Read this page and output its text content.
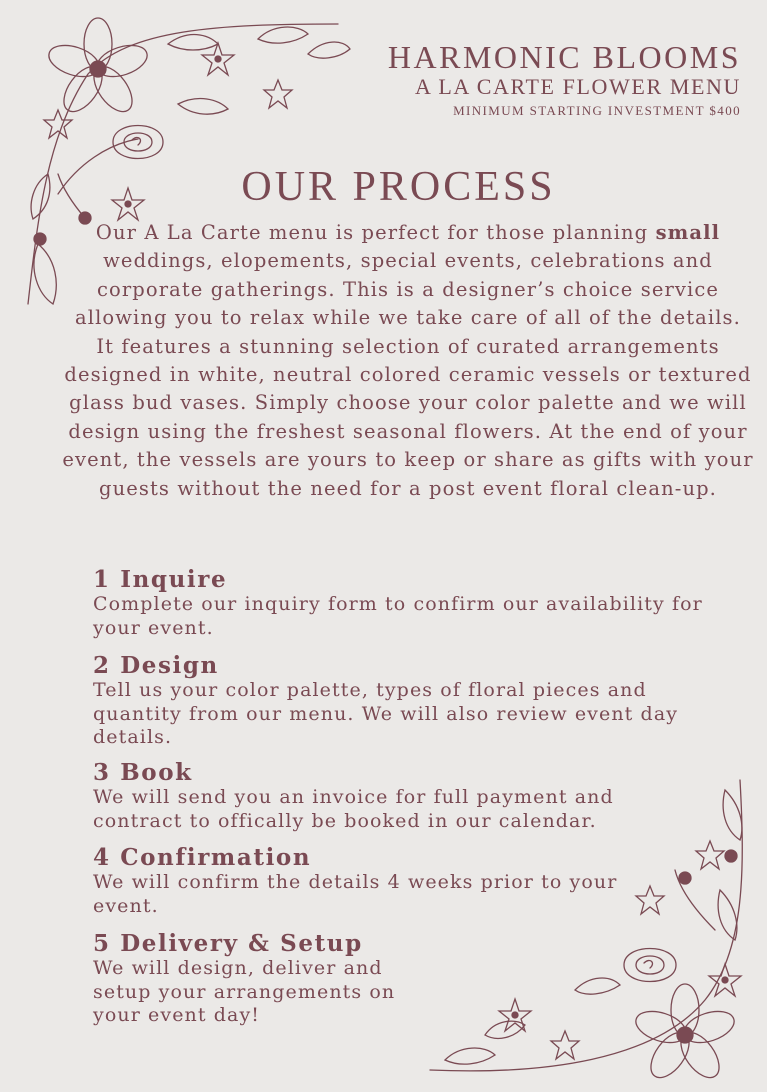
HARMONIC BLOOMS
A LA CARTE FLOWER MENU
MINIMUM STARTING INVESTMENT $400
OUR PROCESS

Our A La Carte menu is perfect for those planning small weddings, elopements, special events, celebrations and corporate gatherings. This is a designer’s choice service allowing you to relax while we take care of all of the details.

It features a stunning selection of curated arrangements designed in white, neutral colored ceramic vessels or textured glass bud vases. Simply choose your color palette and we will design using the freshest seasonal flowers. At the end of your event, the vessels are yours to keep or share as gifts with your guests without the need for a post event floral clean-up.

1 Inquire
Complete our inquiry form to confirm our availability for your event.
2 Design
Tell us your color palette, types of floral pieces and quantity from our menu. We will also review event day details.
3 Book
We will send you an invoice for full payment and contract to offically be booked in our calendar.
4 Confirmation
We will confirm the details 4 weeks prior to your event.
5 Delivery & Setup
We will design, deliver and setup your arrangements on your event day!
